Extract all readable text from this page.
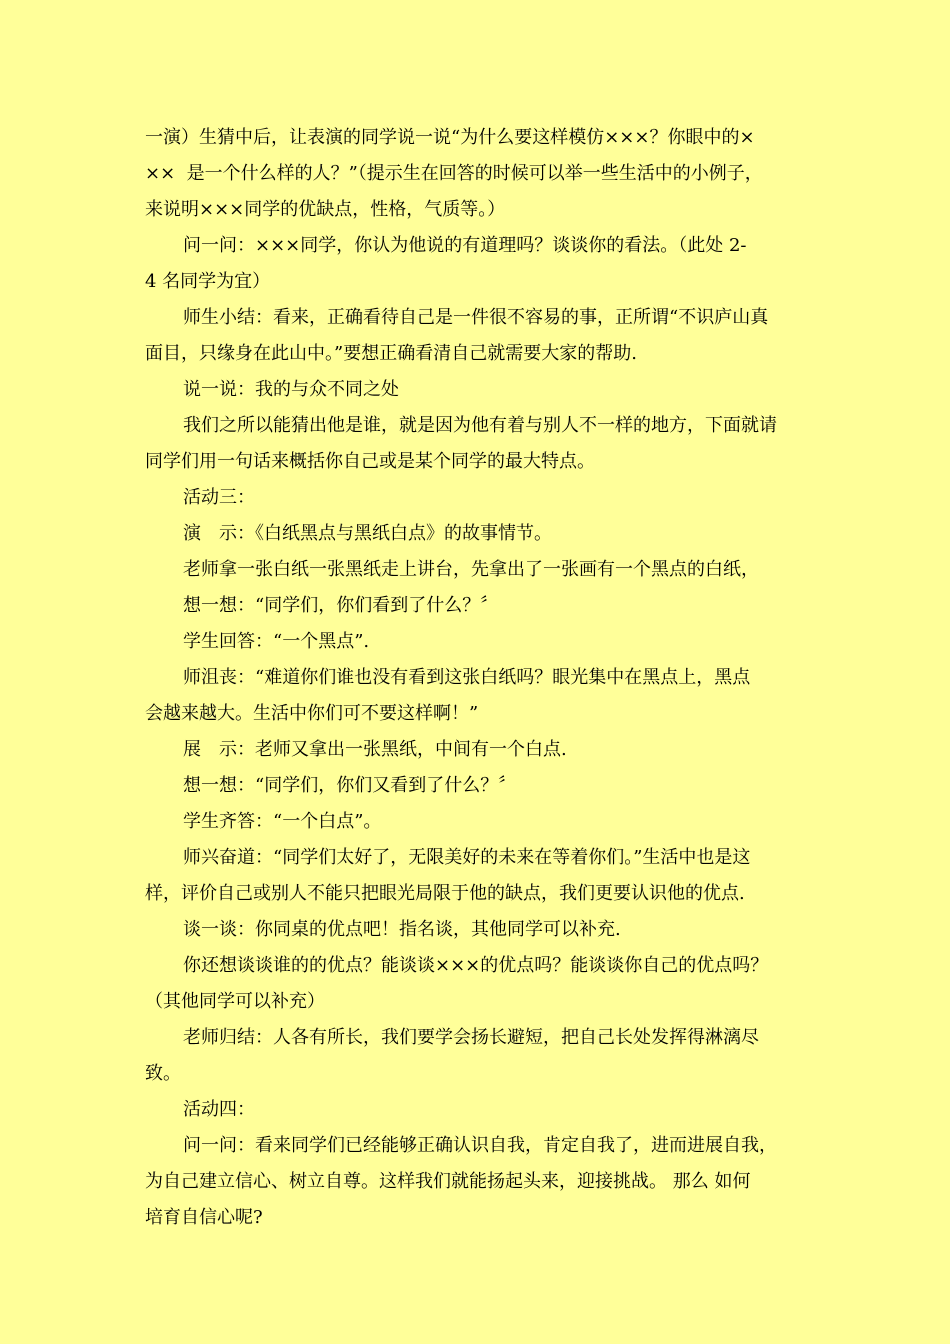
一演）生猜中后，让表演的同学说一说“为什么要这样模仿×××？你眼中的×
××  是一个什么样的人？”（提示生在回答的时候可以举一些生活中的小例子，
来说明×××同学的优缺点，性格，气质等。）

问一问：×××同学，你认为他说的有道理吗？谈谈你的看法。（此处 2-
4 名同学为宜）

师生小结：看来，正确看待自己是一件很不容易的事，正所谓“不识庐山真
面目，只缘身在此山中。”要想正确看清自己就需要大家的帮助.

说一说：我的与众不同之处

我们之所以能猜出他是谁，就是因为他有着与别人不一样的地方，下面就请
同学们用一句话来概括你自己或是某个同学的最大特点。

活动三：

演　示：《白纸黑点与黑纸白点》的故事情节。

老师拿一张白纸一张黑纸走上讲台，先拿出了一张画有一个黑点的白纸，

想一想：“同学们，你们看到了什么？〞

学生回答：“一个黑点”.

师沮丧：“难道你们谁也没有看到这张白纸吗？眼光集中在黑点上，黑点
会越来越大。生活中你们可不要这样啊！”

展　示：老师又拿出一张黑纸，中间有一个白点.

想一想：“同学们，你们又看到了什么？〞

学生齐答：“一个白点”。

师兴奋道：“同学们太好了，无限美好的未来在等着你们。”生活中也是这
样，评价自己或别人不能只把眼光局限于他的缺点，我们更要认识他的优点.

谈一谈：你同桌的优点吧！指名谈，其他同学可以补充.

你还想谈谈谁的的优点？能谈谈×××的优点吗？能谈谈你自己的优点吗？
（其他同学可以补充）

老师归结：人各有所长，我们要学会扬长避短，把自己长处发挥得淋漓尽
致。

活动四：

问一问：看来同学们已经能够正确认识自我，肯定自我了，进而进展自我，
为自己建立信心、树立自尊。这样我们就能扬起头来，迎接挑战。 那么 如何
培育自信心呢?
